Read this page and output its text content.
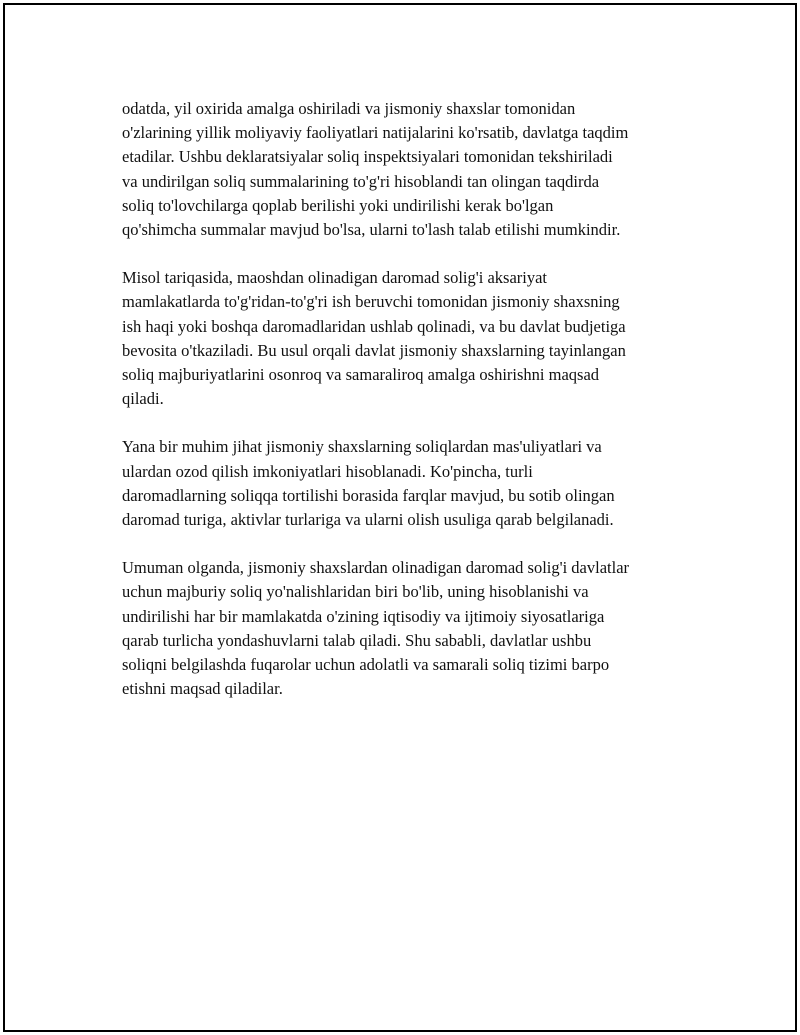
odatda, yil oxirida amalga oshiriladi va jismoniy shaxslar tomonidan
o'zlarining yillik moliyaviy faoliyatlari natijalarini ko'rsatib, davlatga taqdim
etadilar. Ushbu deklaratsiyalar soliq inspektsiyalari tomonidan tekshiriladi
va undirilgan soliq summalarining to'g'ri hisoblandi tan olingan taqdirda
soliq to'lovchilarga qoplab berilishi yoki undirilishi kerak bo'lgan
qo'shimcha summalar mavjud bo'lsa, ularni to'lash talab etilishi mumkindir.

Misol tariqasida, maoshdan olinadigan daromad solig'i aksariyat
mamlakatlarda to'g'ridan-to'g'ri ish beruvchi tomonidan jismoniy shaxsning
ish haqi yoki boshqa daromadlaridan ushlab qolinadi, va bu davlat budjetiga
bevosita o'tkaziladi. Bu usul orqali davlat jismoniy shaxslarning tayinlangan
soliq majburiyatlarini osonroq va samaraliroq amalga oshirishni maqsad
qiladi.

Yana bir muhim jihat jismoniy shaxslarning soliqlardan mas'uliyatlari va
ulardan ozod qilish imkoniyatlari hisoblanadi. Ko'pincha, turli
daromadlarning soliqqa tortilishi borasida farqlar mavjud, bu sotib olingan
daromad turiga, aktivlar turlariga va ularni olish usuliga qarab belgilanadi.

Umuman olganda, jismoniy shaxslardan olinadigan daromad solig'i davlatlar
uchun majburiy soliq yo'nalishlaridan biri bo'lib, uning hisoblanishi va
undirilishi har bir mamlakatda o'zining iqtisodiy va ijtimoiy siyosatlariga
qarab turlicha yondashuvlarni talab qiladi. Shu sababli, davlatlar ushbu
soliqni belgilashda fuqarolar uchun adolatli va samarali soliq tizimi barpo
etishni maqsad qiladilar.
